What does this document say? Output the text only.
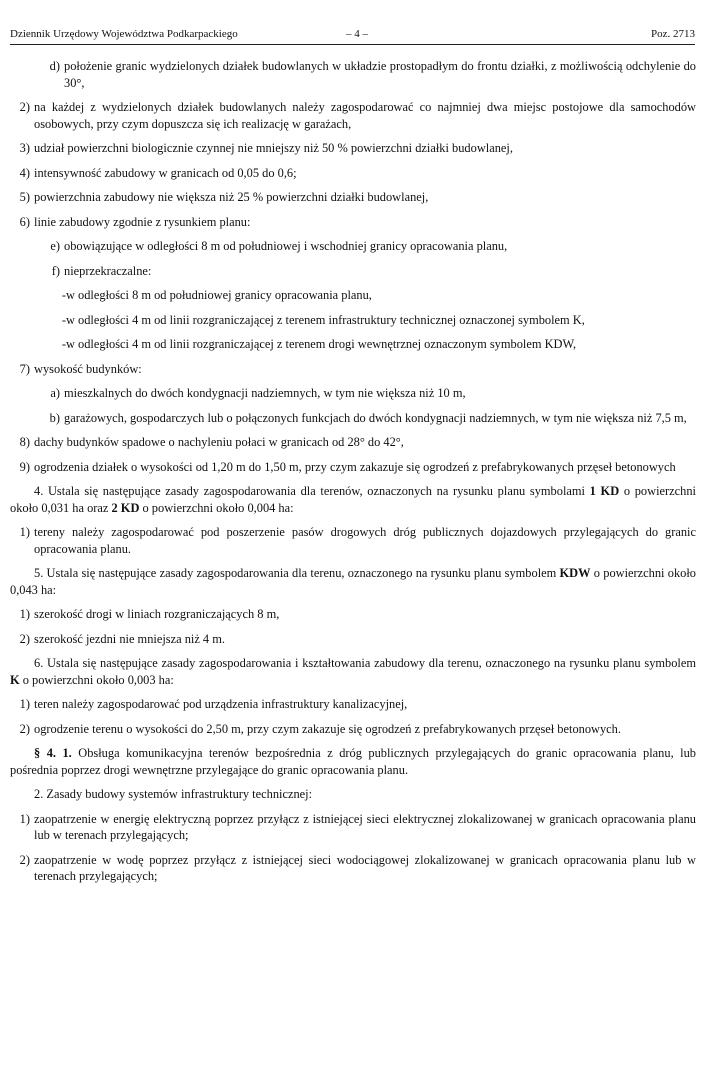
Dziennik Urzędowy Województwa Podkarpackiego	– 4 –	Poz. 2713
d) położenie granic wydzielonych działek budowlanych w układzie prostopadłym do frontu działki, z możliwością odchylenie do 30°,
2) na każdej z wydzielonych działek budowlanych należy zagospodarować co najmniej dwa miejsc postojowe dla samochodów osobowych, przy czym dopuszcza się ich realizację w garażach,
3) udział powierzchni biologicznie czynnej nie mniejszy niż 50 % powierzchni działki budowlanej,
4) intensywność zabudowy w granicach od 0,05 do 0,6;
5) powierzchnia zabudowy nie większa niż 25 % powierzchni działki budowlanej,
6) linie zabudowy zgodnie z rysunkiem planu:
e) obowiązujące w odległości 8 m od południowej i wschodniej granicy opracowania planu,
f) nieprzekraczalne:
- w odległości 8 m od południowej granicy opracowania planu,
- w odległości 4 m od linii rozgraniczającej z terenem infrastruktury technicznej oznaczonej symbolem K,
- w odległości 4 m od linii rozgraniczającej z terenem drogi wewnętrznej oznaczonym symbolem KDW,
7) wysokość budynków:
a) mieszkalnych do dwóch kondygnacji nadziemnych, w tym nie większa niż 10 m,
b) garażowych, gospodarczych lub o połączonych funkcjach do dwóch kondygnacji nadziemnych, w tym nie większa niż 7,5 m,
8) dachy budynków spadowe o nachyleniu połaci w granicach od 28° do 42°,
9) ogrodzenia działek o wysokości od 1,20 m do 1,50 m, przy czym zakazuje się ogrodzeń z prefabrykowanych przęseł betonowych
4. Ustala się następujące zasady zagospodarowania dla terenów, oznaczonych na rysunku planu symbolami 1 KD o powierzchni około 0,031 ha oraz 2 KD o powierzchni około 0,004 ha:
1) tereny należy zagospodarować pod poszerzenie pasów drogowych dróg publicznych dojazdowych przylegających do granic opracowania planu.
5. Ustala się następujące zasady zagospodarowania dla terenu, oznaczonego na rysunku planu symbolem KDW o powierzchni około 0,043 ha:
1) szerokość drogi w liniach rozgraniczających 8 m,
2) szerokość jezdni nie mniejsza niż 4 m.
6. Ustala się następujące zasady zagospodarowania i kształtowania zabudowy dla terenu, oznaczonego na rysunku planu symbolem K o powierzchni około 0,003 ha:
1) teren należy zagospodarować pod urządzenia infrastruktury kanalizacyjnej,
2) ogrodzenie terenu o wysokości do 2,50 m, przy czym zakazuje się ogrodzeń z prefabrykowanych przęseł betonowych.
§ 4. 1. Obsługa komunikacyjna terenów bezpośrednia z dróg publicznych przylegających do granic opracowania planu, lub pośrednia poprzez drogi wewnętrzne przylegające do granic opracowania planu.
2. Zasady budowy systemów infrastruktury technicznej:
1) zaopatrzenie w energię elektryczną poprzez przyłącz z istniejącej sieci elektrycznej zlokalizowanej w granicach opracowania planu lub w terenach przylegających;
2) zaopatrzenie w wodę poprzez przyłącz z istniejącej sieci wodociągowej zlokalizowanej w granicach opracowania planu lub w terenach przylegających;
